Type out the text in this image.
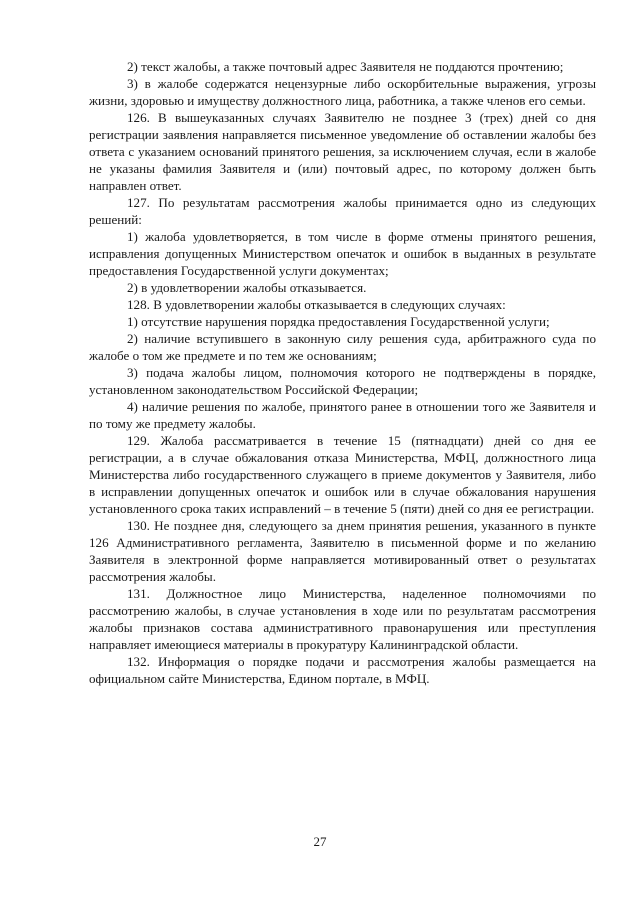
2) текст жалобы, а также почтовый адрес Заявителя не поддаются прочтению;

3) в жалобе содержатся нецензурные либо оскорбительные выражения, угрозы жизни, здоровью и имуществу должностного лица, работника, а также членов его семьи.

126. В вышеуказанных случаях Заявителю не позднее 3 (трех) дней со дня регистрации заявления направляется письменное уведомление об оставлении жалобы без ответа с указанием оснований принятого решения, за исключением случая, если в жалобе не указаны фамилия Заявителя и (или) почтовый адрес, по которому должен быть направлен ответ.

127. По результатам рассмотрения жалобы принимается одно из следующих решений:

1) жалоба удовлетворяется, в том числе в форме отмены принятого решения, исправления допущенных Министерством опечаток и ошибок в выданных в результате предоставления Государственной услуги документах;

2) в удовлетворении жалобы отказывается.

128. В удовлетворении жалобы отказывается в следующих случаях:

1) отсутствие нарушения порядка предоставления Государственной услуги;

2) наличие вступившего в законную силу решения суда, арбитражного суда по жалобе о том же предмете и по тем же основаниям;

3) подача жалобы лицом, полномочия которого не подтверждены в порядке, установленном законодательством Российской Федерации;

4) наличие решения по жалобе, принятого ранее в отношении того же Заявителя и по тому же предмету жалобы.

129. Жалоба рассматривается в течение 15 (пятнадцати) дней со дня ее регистрации, а в случае обжалования отказа Министерства, МФЦ, должностного лица Министерства либо государственного служащего в приеме документов у Заявителя, либо в исправлении допущенных опечаток и ошибок или в случае обжалования нарушения установленного срока таких исправлений – в течение 5 (пяти) дней со дня ее регистрации.

130. Не позднее дня, следующего за днем принятия решения, указанного в пункте 126 Административного регламента, Заявителю в письменной форме и по желанию Заявителя в электронной форме направляется мотивированный ответ о результатах рассмотрения жалобы.

131. Должностное лицо Министерства, наделенное полномочиями по рассмотрению жалобы, в случае установления в ходе или по результатам рассмотрения жалобы признаков состава административного правонарушения или преступления направляет имеющиеся материалы в прокуратуру Калининградской области.

132. Информация о порядке подачи и рассмотрения жалобы размещается на официальном сайте Министерства, Едином портале, в МФЦ.

27
